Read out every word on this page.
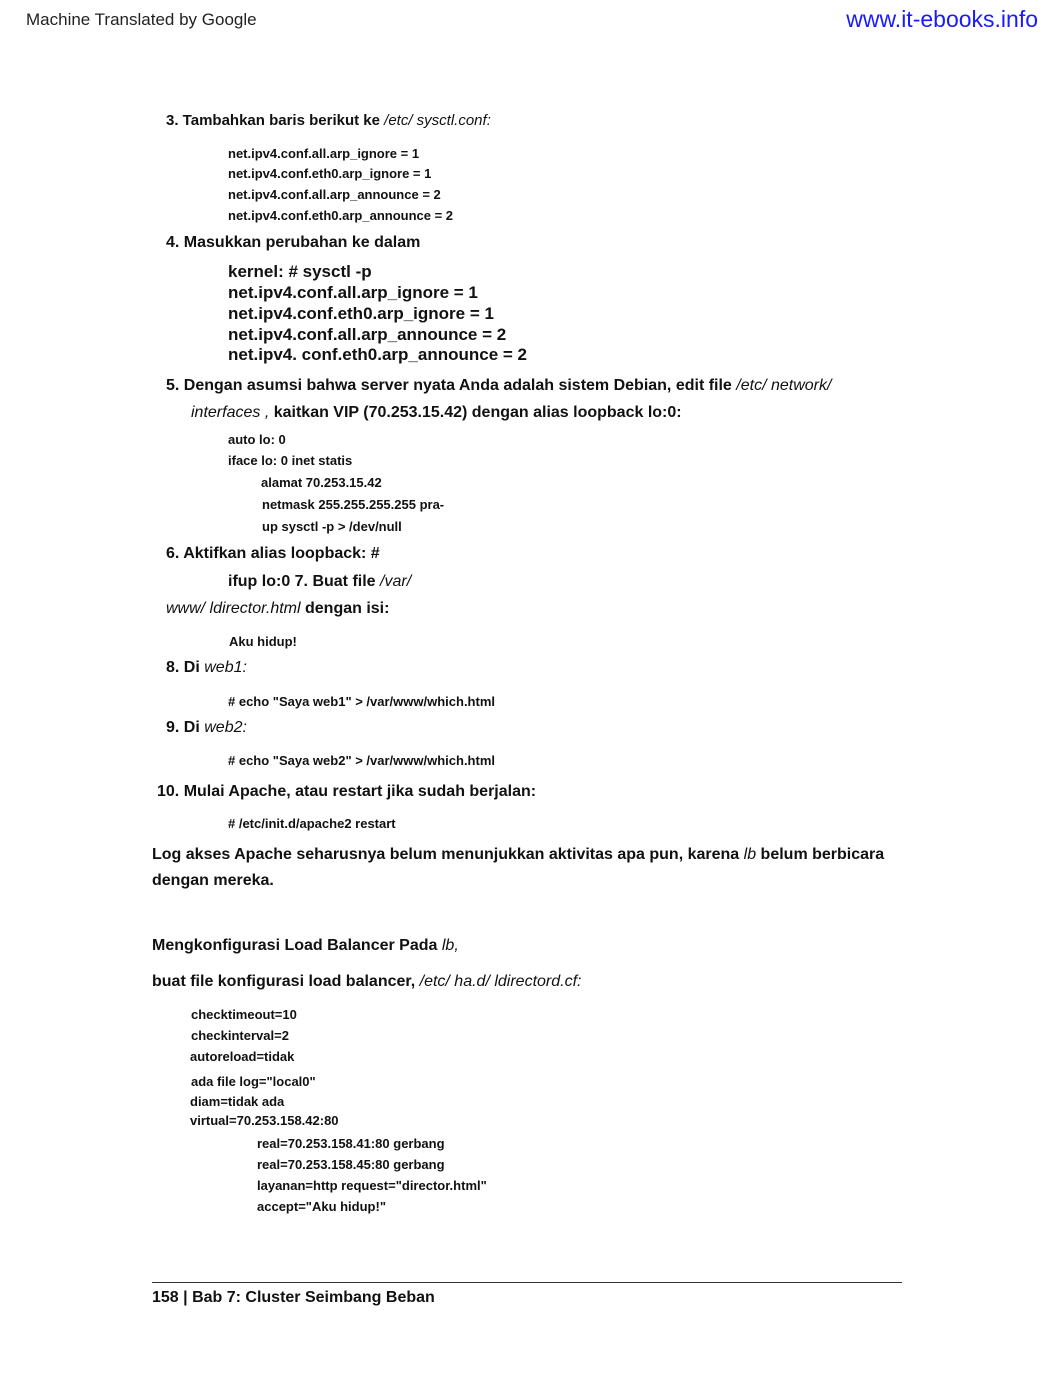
Machine Translated by Google	www.it-ebooks.info
3. Tambahkan baris berikut ke /etc/ sysctl.conf:
net.ipv4.conf.all.arp_ignore = 1
net.ipv4.conf.eth0.arp_ignore = 1
net.ipv4.conf.all.arp_announce = 2
net.ipv4.conf.eth0.arp_announce = 2
4. Masukkan perubahan ke dalam
kernel: # sysctl -p
net.ipv4.conf.all.arp_ignore = 1
net.ipv4.conf.eth0.arp_ignore = 1
net.ipv4.conf.all.arp_announce = 2
net.ipv4. conf.eth0.arp_announce = 2
5. Dengan asumsi bahwa server nyata Anda adalah sistem Debian, edit file /etc/ network/
interfaces , kaitkan VIP (70.253.15.42) dengan alias loopback lo:0:
auto lo: 0
iface lo: 0 inet statis
alamat 70.253.15.42
netmask 255.255.255.255 pra-
up sysctl -p > /dev/null
6. Aktifkan alias loopback: #
ifup lo:0 7. Buat file /var/
www/ ldirector.html dengan isi:
Aku hidup!
8. Di web1:
# echo "Saya web1" > /var/www/which.html
9. Di web2:
# echo "Saya web2" > /var/www/which.html
10. Mulai Apache, atau restart jika sudah berjalan:
# /etc/init.d/apache2 restart
Log akses Apache seharusnya belum menunjukkan aktivitas apa pun, karena lb belum berbicara
dengan mereka.
Mengkonfigurasi Load Balancer Pada lb,
buat file konfigurasi load balancer, /etc/ ha.d/ ldirectord.cf:
checktimeout=10
checkinterval=2
autoreload=tidak
ada file log="local0"
diam=tidak ada
virtual=70.253.158.42:80
real=70.253.158.41:80 gerbang
real=70.253.158.45:80 gerbang
layanan=http request="director.html"
accept="Aku hidup!"
158 | Bab 7: Cluster Seimbang Beban
